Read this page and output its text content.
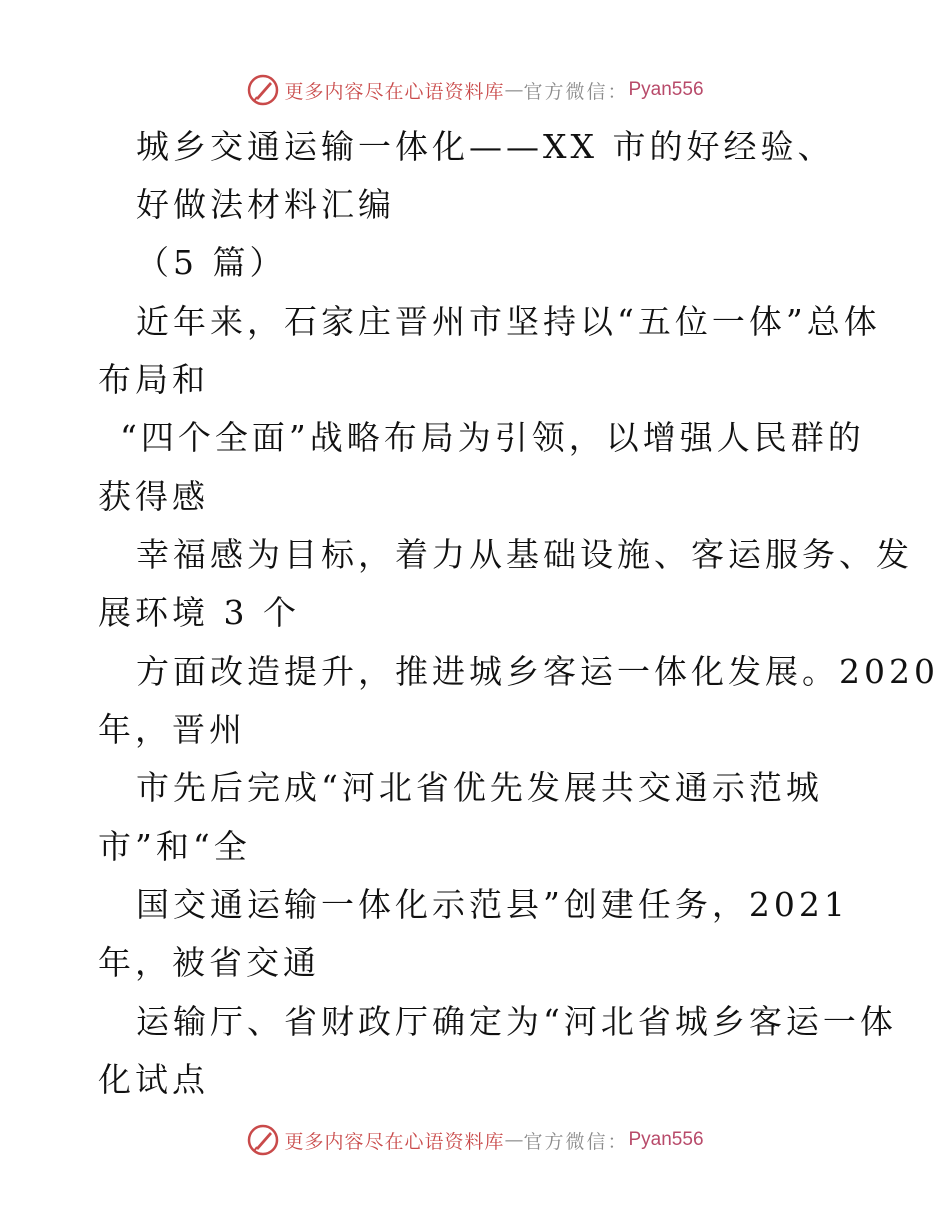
更多内容尽在心语资料库 — 官方微信： Pyan556
城乡交通运输一体化——XX 市的好经验、
好做法材料汇编
（5 篇）
近年来，石家庄晋州市坚持以“五位一体”总体
布局和
“四个全面”战略布局为引领，以增强人民群的
获得感
幸福感为目标，着力从基础设施、客运服务、发
展环境 3 个
方面改造提升，推进城乡客运一体化发展。2020
年，晋州
市先后完成“河北省优先发展共交通示范城
市”和“全
国交通运输一体化示范县”创建任务，2021
年，被省交通
运输厅、省财政厅确定为“河北省城乡客运一体
化试点
更多内容尽在心语资料库 — 官方微信： Pyan556
